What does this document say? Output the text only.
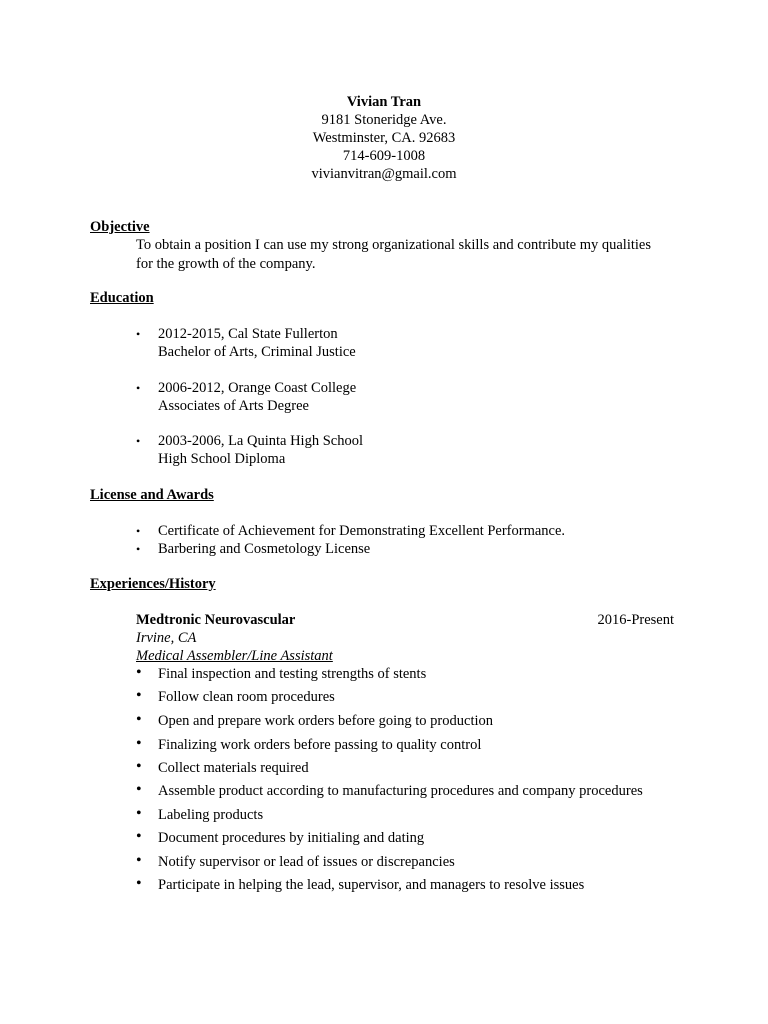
Vivian Tran
9181 Stoneridge Ave.
Westminster, CA. 92683
714-609-1008
vivianvitran@gmail.com
Objective
To obtain a position I can use my strong organizational skills and contribute my qualities
for the growth of the company.
Education
•	2012-2015, Cal State Fullerton
Bachelor of Arts, Criminal Justice
•	2006-2012, Orange Coast College
Associates of Arts Degree
•	2003-2006, La Quinta High School
High School Diploma
License and Awards
•	Certificate of Achievement for Demonstrating Excellent Performance.
•	Barbering and Cosmetology License
Experiences/History
Medtronic Neurovascular	2016-Present
Irvine, CA
Medical Assembler/Line Assistant
•	Final inspection and testing strengths of stents
•	Follow clean room procedures
•	Open and prepare work orders before going to production
•	Finalizing work orders before passing to quality control
•	Collect materials required
•	Assemble product according to manufacturing procedures and company procedures
•	Labeling products
•	Document procedures by initialing and dating
•	Notify supervisor or lead of issues or discrepancies
•	Participate in helping the lead, supervisor, and managers to resolve issues
